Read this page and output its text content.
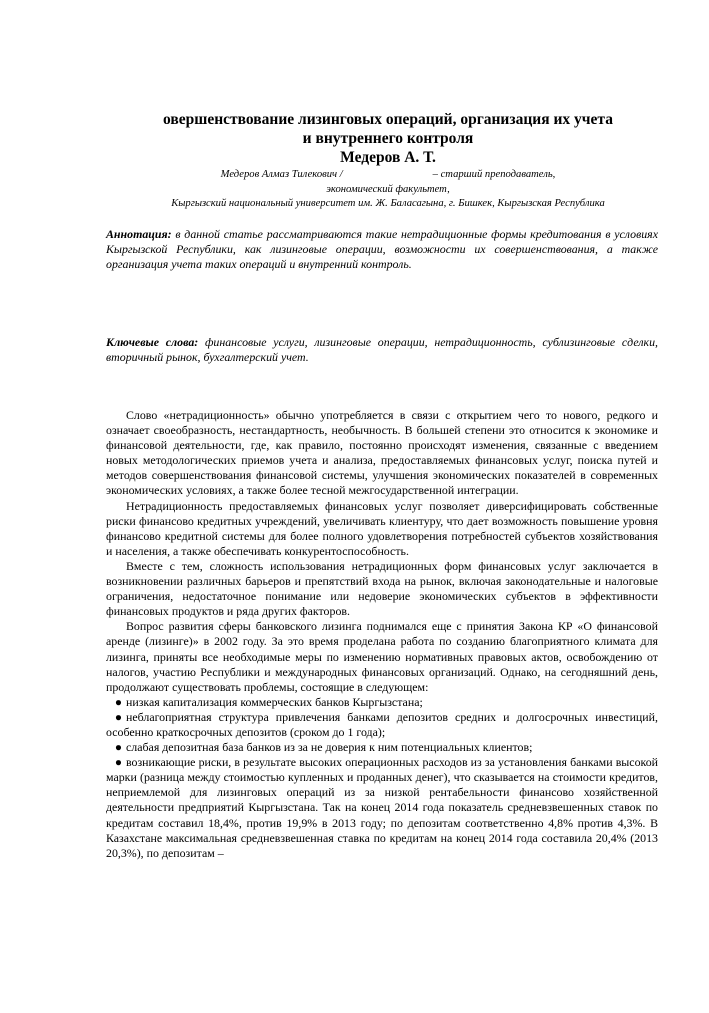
овершенствование лизинговых операций, организация их учета
и внутреннего контроля
Медеров А. Т.
Медеров Алмаз Тилекович /	– старший преподаватель,
экономический факультет,
Кыргызский национальный университет им. Ж. Баласагына, г. Бишкек, Кыргызская Республика
Аннотация: в данной статье рассматриваются такие нетрадиционные формы кредитования в условиях Кыргызской Республики, как лизинговые операции, возможности их совершенствования, а также организация учета таких операций и внутренний контроль.
Ключевые слова: финансовые услуги, лизинговые операции, нетрадиционность, сублизинговые сделки, вторичный рынок, бухгалтерский учет.

Слово «нетрадиционность» обычно употребляется в связи с открытием чего то нового, редкого и означает своеобразность, нестандартность, необычность. В большей степени это относится к экономике и финансовой деятельности, где, как правило, постоянно происходят изменения, связанные с введением новых методологических приемов учета и анализа, предоставляемых финансовых услуг, поиска путей и методов совершенствования финансовой системы, улучшения экономических показателей в современных экономических условиях, а также более тесной межгосударственной интеграции.

Нетрадиционность предоставляемых финансовых услуг позволяет диверсифицировать собственные риски финансово кредитных учреждений, увеличивать клиентуру, что дает возможность повышение уровня финансово кредитной системы для более полного удовлетворения потребностей субъектов хозяйствования и населения, а также обеспечивать конкурентоспособность.

Вместе с тем, сложность использования нетрадиционных форм финансовых услуг заключается в возникновении различных барьеров и препятствий входа на рынок, включая законодательные и налоговые ограничения, недостаточное понимание или недоверие экономических субъектов в эффективности финансовых продуктов и ряда других факторов.

Вопрос развития сферы банковского лизинга поднимался еще с принятия Закона КР «О финансовой аренде (лизинге)» в 2002 году. За это время проделана работа по созданию благоприятного климата для лизинга, приняты все необходимые меры по изменению нормативных правовых актов, освобождению от налогов, участию Республики и международных финансовых организаций. Однако, на сегодняшний день, продолжают существовать проблемы, состоящие в следующем:

● низкая капитализация коммерческих банков Кыргызстана;

● неблагоприятная структура привлечения банками депозитов средних и долгосрочных инвестиций, особенно краткосрочных депозитов (сроком до 1 года);

● слабая депозитная база банков из за не доверия к ним потенциальных клиентов;

● возникающие риски, в результате высоких операционных расходов из за установления банками высокой марки (разница между стоимостью купленных и проданных денег), что сказывается на стоимости кредитов, неприемлемой для лизинговых операций из за низкой рентабельности финансово хозяйственной деятельности предприятий Кыргызстана. Так на конец 2014 года показатель средневзвешенных ставок по кредитам составил 18,4%, против 19,9% в 2013 году; по депозитам соответственно 4,8% против 4,3%. В Казахстане максимальная средневзвешенная ставка по кредитам на конец 2014 года составила 20,4% (2013 20,3%), по депозитам –
